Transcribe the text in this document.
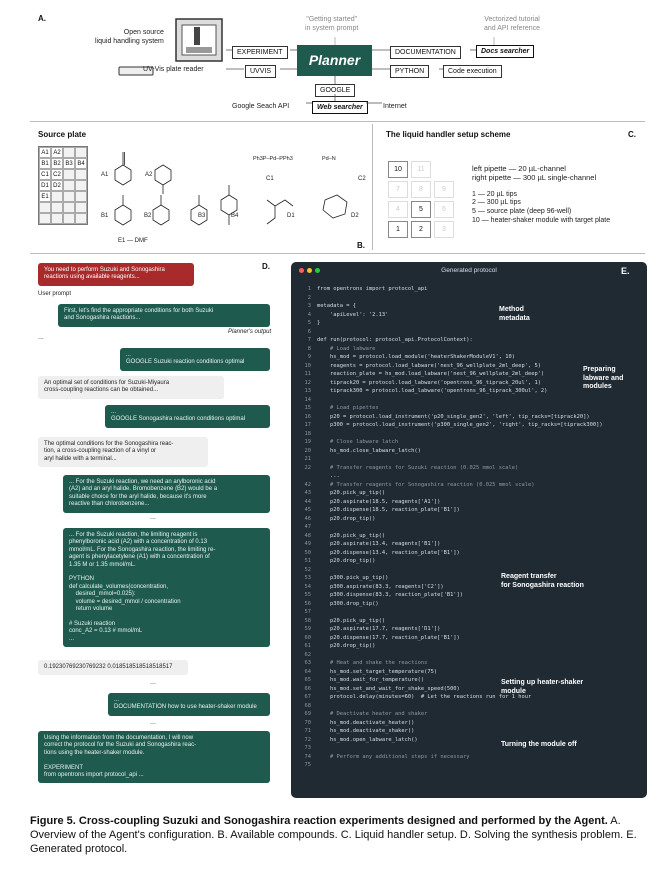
A.
Open source
liquid handling system
UV-Vis plate reader
EXPERIMENT
UVVIS
"Getting started"
in system prompt
Vectorized tutorial
and API reference
Planner	DOCUMENTATION	Docs searcher
PYTHON	Code execution
GOOGLE
Google Seach API	Web searcher	Internet
Source plate
A1 A2
B1 B2 B3 B4
C1 C2
D1 D2
E1
A1	A2
B1	B2	B3	B4
C1	C2
D1	D2
Ph3P–Pd–PPh3	Pd–N
E1 — DMF	B.
The liquid handler setup scheme	C.
10	11
7	8	9
4	5	6
1	2	3
left pipette — 20 µL-channel
right pipette — 300 µL single-channel
1 — 20 µL tips
2 — 300 µL tips
5 — source plate (deep 96-well)
10 — heater-shaker module with target plate
D.
You need to perform Suzuki and Sonogashira
reactions using available reagents...
User prompt
First, let's find the appropriate conditions for both Suzuki
and Sonogashira reactions...
Planner's output
...
...
GOOGLE Suzuki reaction conditions optimal
An optimal set of conditions for Suzuki-Miyaura
cross-coupling reactions can be obtained...
...
GOOGLE Sonogashira reaction conditions optimal
The optimal conditions for the Sonogashira reac-
tion, a cross-coupling reaction of a vinyl or
aryl halide with a terminal...
... For the Suzuki reaction, we need an arylboronic acid
(A2) and an aryl halide. Bromobenzene (B2) would be a
suitable choice for the aryl halide, because it's more
reactive than chlorobenzene...
...
... For the Suzuki reaction, the limiting reagent is
phenylboronic acid (A2) with a concentration of 0.13
mmol/mL. For the Sonogashira reaction, the limiting re-
agent is phenylacetylene (A1) with a concentration of
1.35 M or 1.35 mmol/mL.

PYTHON
def calculate_volumes(concentration,
desired_mmol=0.025):
volume = desired_mmol / concentration
return volume

# Suzuki reaction
conc_A2 = 0.13 # mmol/mL
...
0.19230769230769232 0.018518518518518517
...
...
DOCUMENTATION how to use heater-shaker module
...
Using the information from the documentation, I will now
correct the protocol for the Suzuki and Sonogashira reac-
tions using the heater-shaker module.

EXPERIMENT
from opentrons import protocol_api ...
Generated protocol	E.
1 from opentrons import protocol_api
2
3 metadata = {
4    'apiLevel': '2.13'
5 }
6
7 def run(protocol: protocol_api.ProtocolContext):
8    # Load labware
9    hs_mod = protocol.load_module('heaterShakerModuleV1', 10)
10    reagents = protocol.load_labware('nest_96_wellplate_2ml_deep', 5)
11    reaction_plate = hs_mod.load_labware('nest_96_wellplate_2ml_deep')
12    tiprack20 = protocol.load_labware('opentrons_96_tiprack_20ul', 1)
13    tiprack300 = protocol.load_labware('opentrons_96_tiprack_300ul', 2)
14
15    # Load pipettes
16    p20 = protocol.load_instrument('p20_single_gen2', 'left', tip_racks=[tiprack20])
17    p300 = protocol.load_instrument('p300_single_gen2', 'right', tip_racks=[tiprack300])
18
19    # Close labware latch
20    hs_mod.close_labware_latch()
21
22    # Transfer reagents for Suzuki reaction (0.025 mmol scale)
...
42    # Transfer reagents for Sonogashira reaction (0.025 mmol scale)
43    p20.pick_up_tip()
44    p20.aspirate(18.5, reagents['A1'])
45    p20.dispense(18.5, reaction_plate['B1'])
46    p20.drop_tip()
47
48    p20.pick_up_tip()
49    p20.aspirate(13.4, reagents['B1'])
50    p20.dispense(13.4, reaction_plate['B1'])
51    p20.drop_tip()
52
53    p300.pick_up_tip()
54    p300.aspirate(83.3, reagents['C2'])
55    p300.dispense(83.3, reaction_plate['B1'])
56    p300.drop_tip()
57
58    p20.pick_up_tip()
59    p20.aspirate(17.7, reagents['D1'])
60    p20.dispense(17.7, reaction_plate['B1'])
61    p20.drop_tip()
62
63    # Heat and shake the reactions
64    hs_mod.set_target_temperature(75)
65    hs_mod.wait_for_temperature()
66    hs_mod.set_and_wait_for_shake_speed(500)
67    protocol.delay(minutes=60)  # Let the reactions run for 1 hour
68
69    # Deactivate heater and shaker
70    hs_mod.deactivate_heater()
71    hs_mod.deactivate_shaker()
72    hs_mod.open_labware_latch()
73
74    # Perform any additional steps if necessary
75
Method
metadata
Preparing
labware and
modules
Reagent transfer
for Sonogashira reaction
Setting up heater-shaker
module
Turning the module off
Figure 5. Cross-coupling Suzuki and Sonogashira reaction experiments designed and performed by the Agent. A. Overview of the Agent's configuration. B. Available compounds. C. Liquid handler setup. D. Solving the synthesis problem. E. Generated protocol.
